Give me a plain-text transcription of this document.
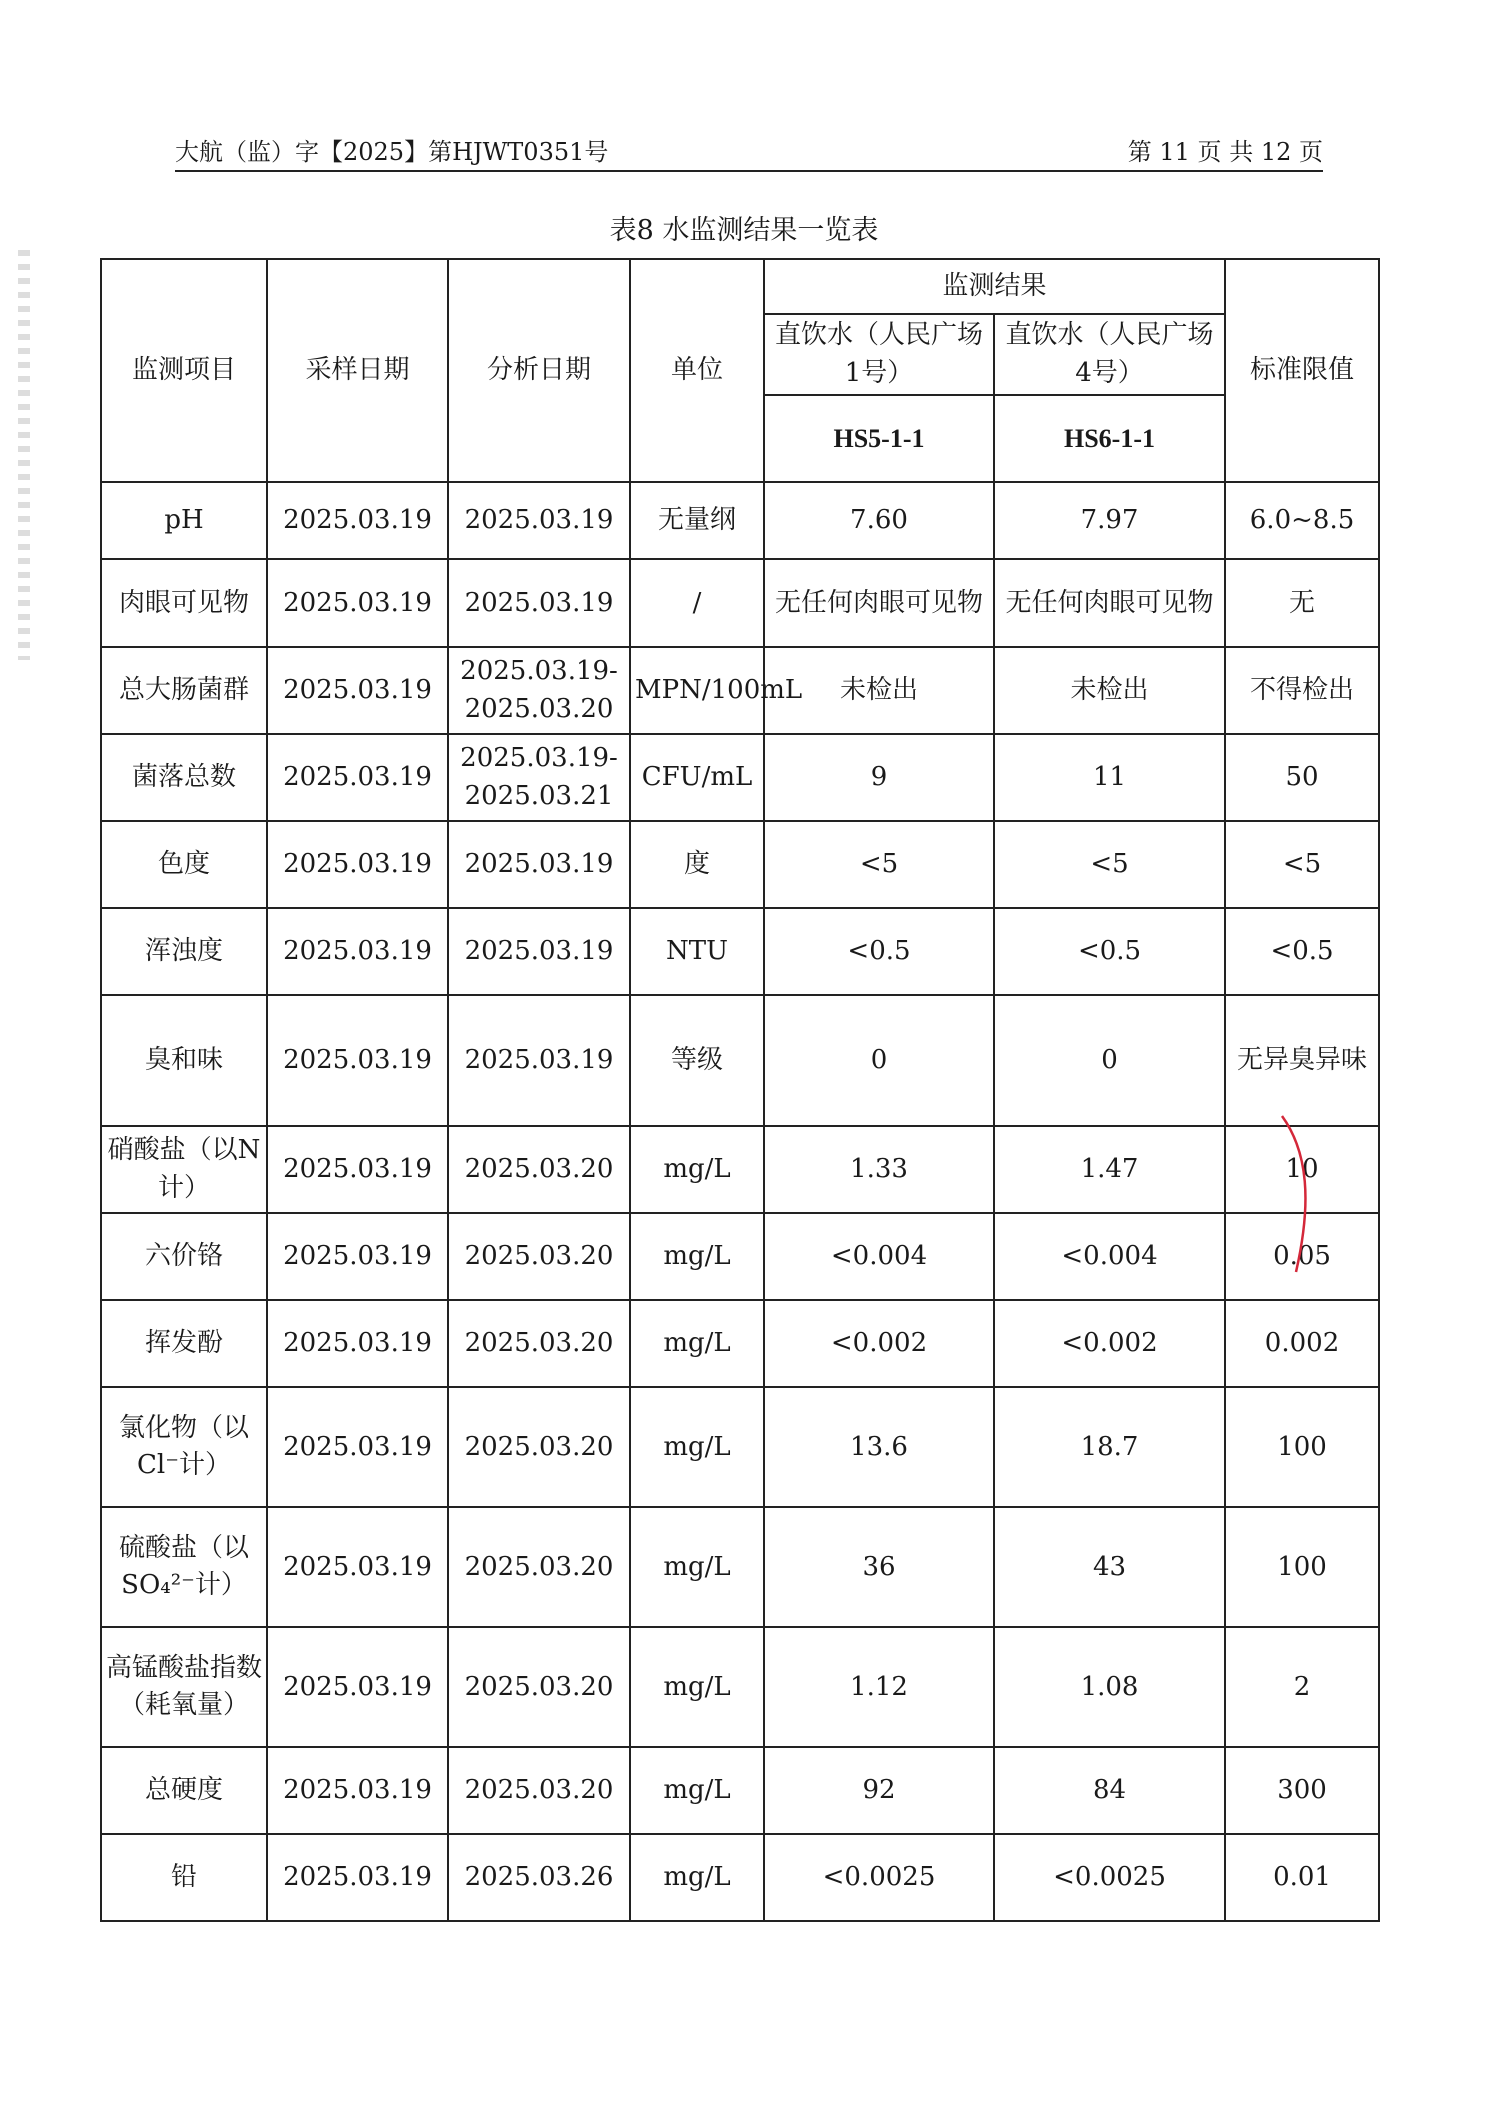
大航（监）字【2025】第HJWT0351号	第 11 页 共 12 页
表8 水监测结果一览表
监测项目	采样日期	分析日期	单位	监测结果		标准限值
				直饮水（人民广场1号）	直饮水（人民广场4号）	
				HS5-1-1	HS6-1-1	
pH	2025.03.19	2025.03.19	无量纲	7.60	7.97	6.0~8.5
肉眼可见物	2025.03.19	2025.03.19	/	无任何肉眼可见物	无任何肉眼可见物	无
总大肠菌群	2025.03.19	2025.03.19-2025.03.20	MPN/100mL	未检出	未检出	不得检出
菌落总数	2025.03.19	2025.03.19-2025.03.21	CFU/mL	9	11	50
色度	2025.03.19	2025.03.19	度	<5	<5	<5
浑浊度	2025.03.19	2025.03.19	NTU	<0.5	<0.5	<0.5
臭和味	2025.03.19	2025.03.19	等级	0	0	无异臭异味
硝酸盐（以N计）	2025.03.19	2025.03.20	mg/L	1.33	1.47	10
六价铬	2025.03.19	2025.03.20	mg/L	<0.004	<0.004	0.05
挥发酚	2025.03.19	2025.03.20	mg/L	<0.002	<0.002	0.002
氯化物（以Cl⁻计）	2025.03.19	2025.03.20	mg/L	13.6	18.7	100
硫酸盐（以SO₄²⁻计）	2025.03.19	2025.03.20	mg/L	36	43	100
高锰酸盐指数（耗氧量）	2025.03.19	2025.03.20	mg/L	1.12	1.08	2
总硬度	2025.03.19	2025.03.20	mg/L	92	84	300
铅	2025.03.19	2025.03.26	mg/L	<0.0025	<0.0025	0.01
